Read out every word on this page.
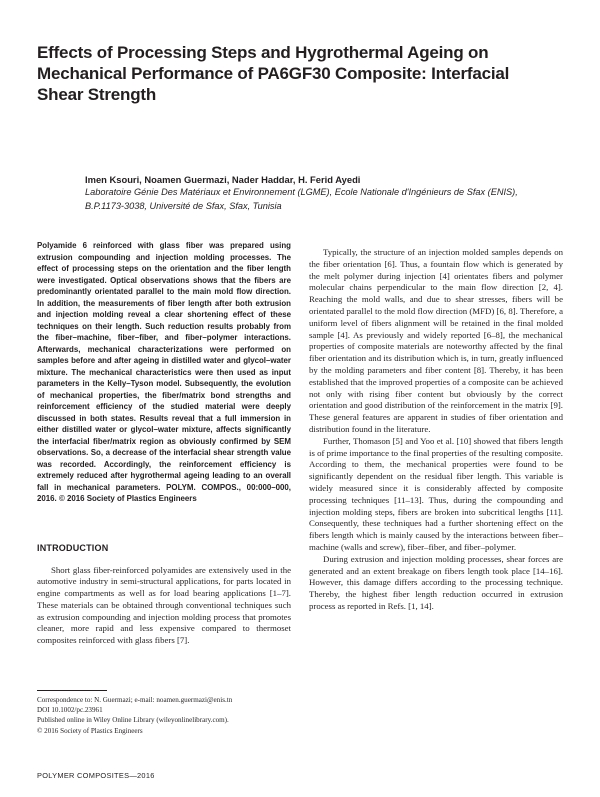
Effects of Processing Steps and Hygrothermal Ageing on Mechanical Performance of PA6GF30 Composite: Interfacial Shear Strength
Imen Ksouri, Noamen Guermazi, Nader Haddar, H. Ferid Ayedi
Laboratoire Génie Des Matériaux et Environnement (LGME), Ecole Nationale d'Ingénieurs de Sfax (ENIS), B.P.1173-3038, Université de Sfax, Sfax, Tunisia

Polyamide 6 reinforced with glass fiber was prepared using extrusion compounding and injection molding processes. The effect of processing steps on the orientation and the fiber length were investigated. Optical observations shows that the fibers are predominantly orientated parallel to the main mold flow direction. In addition, the measurements of fiber length after both extrusion and injection molding reveal a clear shortening effect of these techniques on their length. Such reduction results probably from the fiber–machine, fiber–fiber, and fiber–polymer interactions. Afterwards, mechanical characterizations were performed on samples before and after ageing in distilled water and glycol–water mixture. The mechanical characteristics were then used as input parameters in the Kelly–Tyson model. Subsequently, the evolution of mechanical properties, the fiber/matrix bond strengths and reinforcement efficiency of the studied material were deeply discussed in both states. Results reveal that a full immersion in either distilled water or glycol–water mixture, affects significantly the interfacial fiber/matrix region as obviously confirmed by SEM observations. So, a decrease of the interfacial shear strength value was recorded. Accordingly, the reinforcement efficiency is extremely reduced after hygrothermal ageing leading to an overall fall in mechanical parameters. POLYM. COMPOS., 00:000–000, 2016. © 2016 Society of Plastics Engineers

INTRODUCTION

Short glass fiber-reinforced polyamides are extensively used in the automotive industry in semi-structural applications, for parts located in engine compartments as well as for load bearing applications [1–7]. These materials can be obtained through conventional techniques such as extrusion compounding and injection molding process that promotes cleaner, more rapid and less expensive compared to thermoset composites reinforced with glass fibers [7].

Correspondence to: N. Guermazi; e-mail: noamen.guermazi@enis.tn
DOI 10.1002/pc.23961
Published online in Wiley Online Library (wileyonlinelibrary.com).
© 2016 Society of Plastics Engineers

Typically, the structure of an injection molded samples depends on the fiber orientation [6]. Thus, a fountain flow which is generated by the melt polymer during injection [4] orientates fibers and polymer molecular chains perpendicular to the main flow direction [2, 4]. Reaching the mold walls, and due to shear stresses, fibers will be orientated parallel to the mold flow direction (MFD) [6, 8]. Therefore, a uniform level of fibers alignment will be retained in the final molded sample [4]. As previously and widely reported [6–8], the mechanical properties of composite materials are noteworthy affected by the final fiber orientation and its distribution which is, in turn, greatly influenced by the molding parameters and fiber content [8]. Thereby, it has been established that the improved properties of a composite can be achieved not only with rising fiber content but obviously by the correct orientation and good distribution of the reinforcement in the matrix [9]. These general features are apparent in studies of fiber orientation and distribution found in the literature.

Further, Thomason [5] and Yoo et al. [10] showed that fibers length is of prime importance to the final properties of the resulting composite. According to them, the mechanical properties were found to be significantly dependent on the residual fiber length. This variable is widely measured since it is considerably affected by composite processing techniques [11–13]. Thus, during the compounding and injection molding steps, fibers are broken into subcritical lengths [11]. Consequently, these techniques had a further shortening effect on the fibers length which is mainly caused by the interactions between fiber–machine (walls and screw), fiber–fiber, and fiber–polymer.

During extrusion and injection molding processes, shear forces are generated and an extent breakage on fibers length took place [14–16]. However, this damage differs according to the processing technique. Thereby, the highest fiber length reduction occurred in extrusion process as reported in Refs. [1, 14].

POLYMER COMPOSITES—2016
